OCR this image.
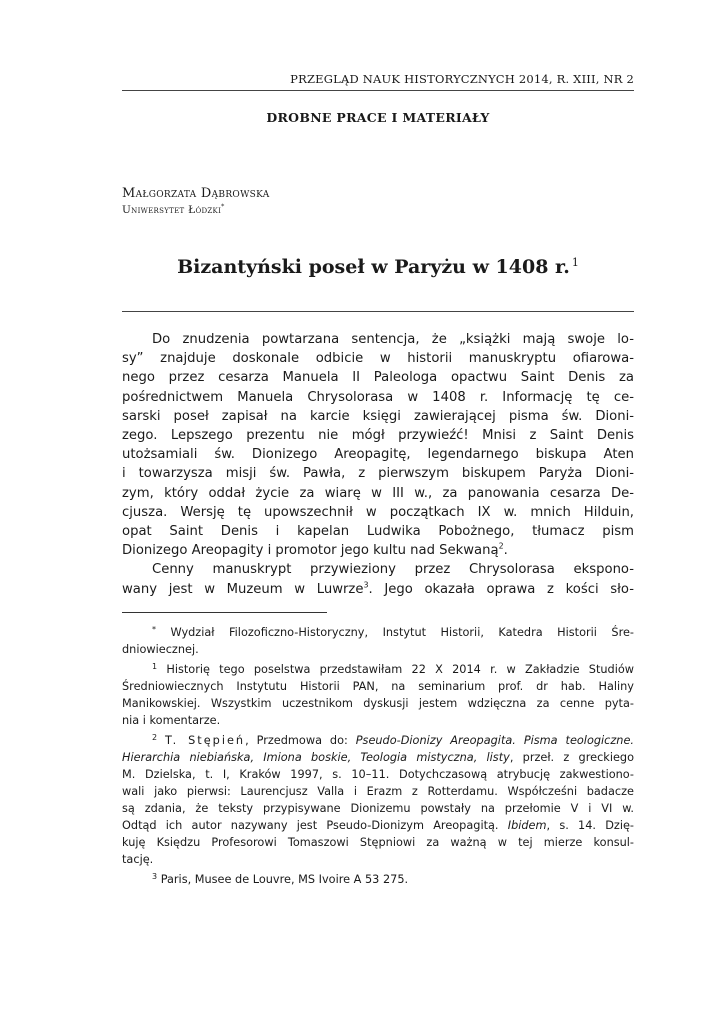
PRZEGLĄD NAUK HISTORYCZNYCH 2014, R. XIII, NR 2
DROBNE PRACE I MATERIAŁY
Małgorzata Dąbrowska
Uniwersytet Łódzki*
Bizantyński poseł w Paryżu w 1408 r. $^1$
Do znudzenia powtarzana sentencja, że „książki mają swoje lo-
sy” znajduje doskonale odbicie w historii manuskryptu ofiarowa-
nego przez cesarza Manuela II Paleologa opactwu Saint Denis za
pośrednictwem Manuela Chrysolorasa w 1408 r. Informację tę ce-
sarski poseł zapisał na karcie księgi zawierającej pisma św. Dioni-
zego. Lepszego prezentu nie mógł przywieźć! Mnisi z Saint Denis
utożsamiali św. Dionizego Areopagitę, legendarnego biskupa Aten
i towarzysza misji św. Pawła, z pierwszym biskupem Paryża Dioni-
zym, który oddał życie za wiarę w III w., za panowania cesarza De-
cjusza. Wersję tę upowszechnił w początkach IX w. mnich Hilduin,
opat Saint Denis i kapelan Ludwika Pobożnego, tłumacz pism
Dionizego Areopagity i promotor jego kultu nad Sekwaną$^2$.
Cenny manuskrypt przywieziony przez Chrysolorasa ekspono-
wany jest w Muzeum w Luwrze$^3$. Jego okazała oprawa z kości sło-
* Wydział Filozoficzno-Historyczny, Instytut Historii, Katedra Historii Śre-
dniowiecznej.
$^1$ Historię tego poselstwa przedstawiłam 22 X 2014 r. w Zakładzie Studiów
Średniowiecznych Instytutu Historii PAN, na seminarium prof. dr hab. Haliny
Manikowskiej. Wszystkim uczestnikom dyskusji jestem wdzięczna za cenne pyta-
nia i komentarze.
$^2$ T. Stępień, Przedmowa do: Pseudo-Dionizy Areopagita. Pisma teologiczne.
Hierarchia niebiańska, Imiona boskie, Teologia mistyczna, listy, przeł. z greckiego
M. Dzielska, t. I, Kraków 1997, s. 10–11. Dotychczasową atrybucję zakwestiono-
wali jako pierwsi: Laurencjusz Valla i Erazm z Rotterdamu. Współcześni badacze
są zdania, że teksty przypisywane Dionizemu powstały na przełomie V i VI w.
Odtąd ich autor nazywany jest Pseudo-Dionizym Areopagitą. Ibidem, s. 14. Dzię-
kuję Księdzu Profesorowi Tomaszowi Stępniowi za ważną w tej mierze konsul-
tację.
$^3$ Paris, Musee de Louvre, MS Ivoire A 53 275.
